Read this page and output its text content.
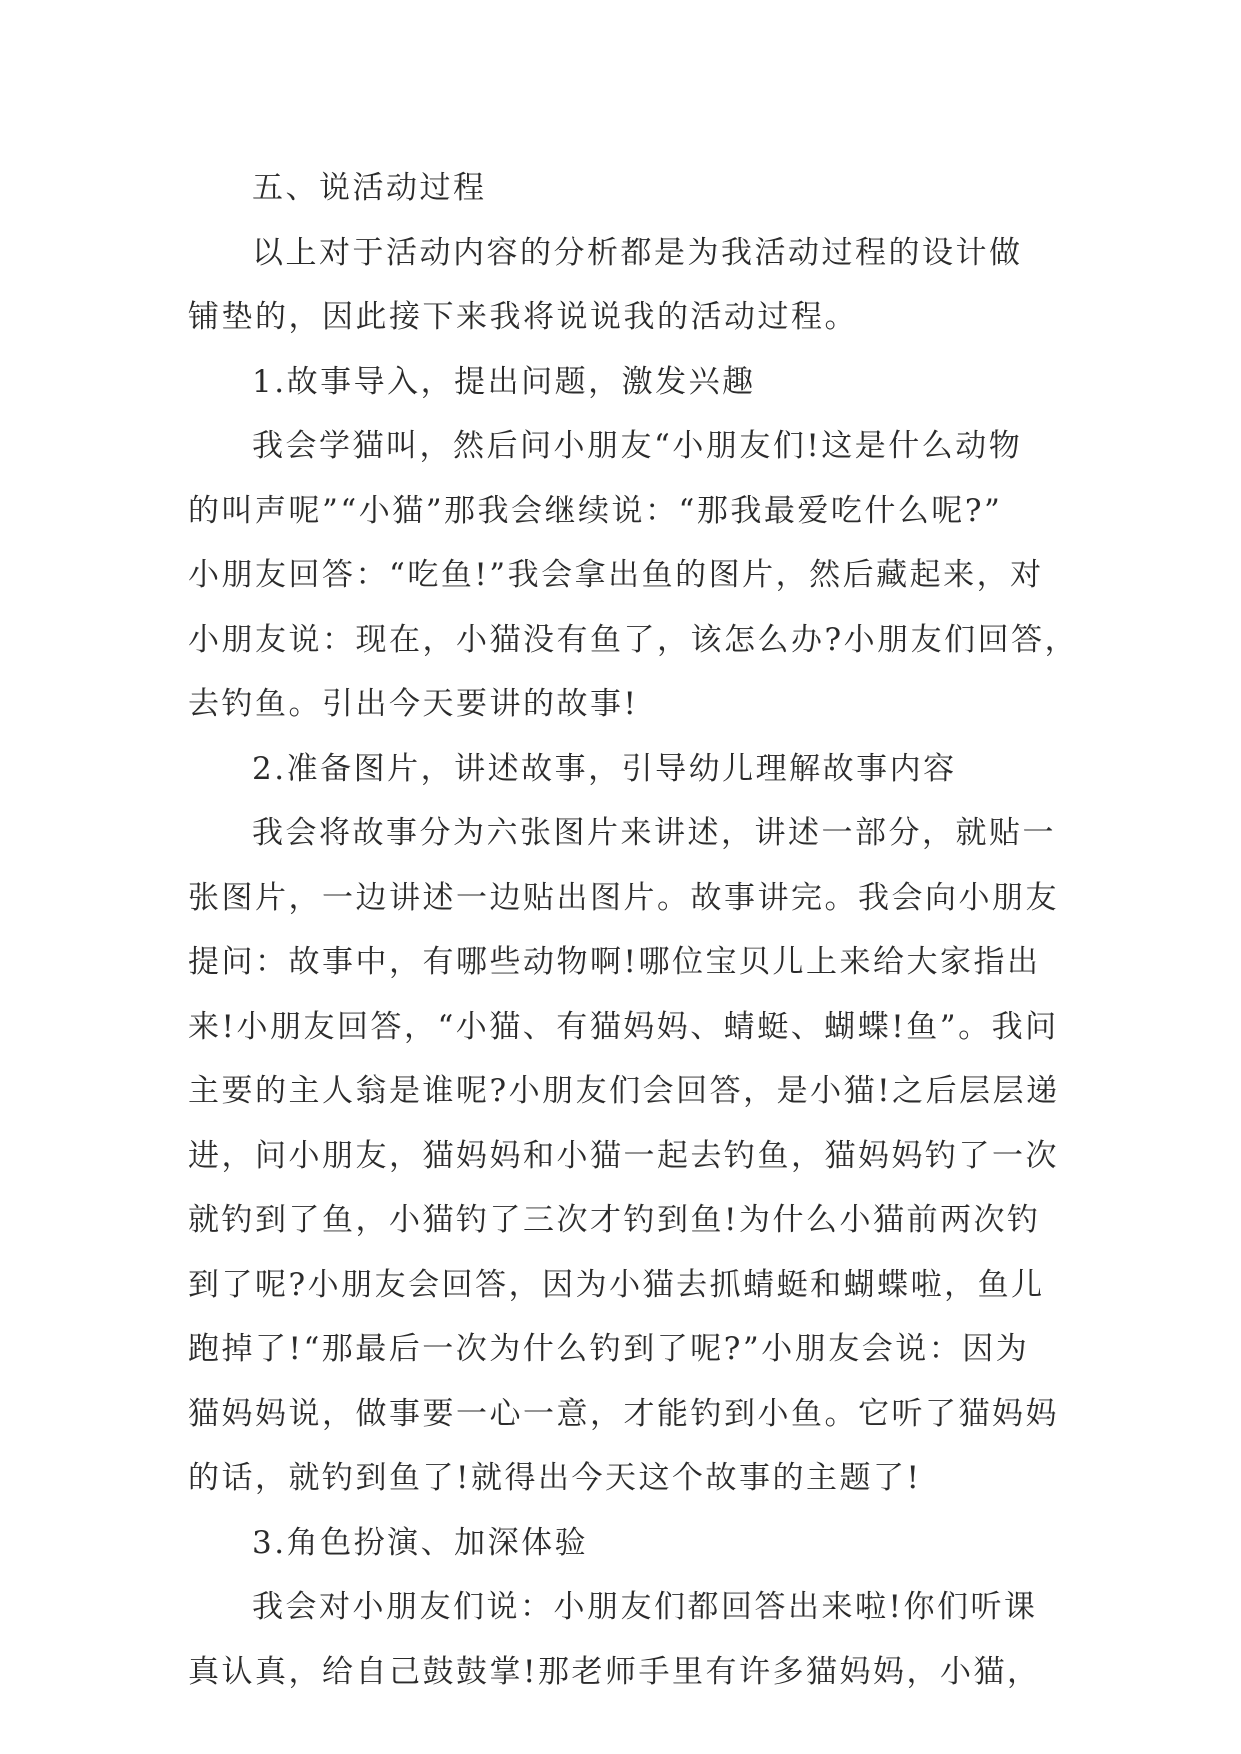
五、说活动过程
以上对于活动内容的分析都是为我活动过程的设计做
铺垫的，因此接下来我将说说我的活动过程。
1.故事导入，提出问题，激发兴趣
我会学猫叫，然后问小朋友“小朋友们!这是什么动物
的叫声呢”“小猫”那我会继续说：“那我最爱吃什么呢?”
小朋友回答：“吃鱼!”我会拿出鱼的图片，然后藏起来，对
小朋友说：现在，小猫没有鱼了，该怎么办?小朋友们回答，
去钓鱼。引出今天要讲的故事!
2.准备图片，讲述故事，引导幼儿理解故事内容
我会将故事分为六张图片来讲述，讲述一部分，就贴一
张图片，一边讲述一边贴出图片。故事讲完。我会向小朋友
提问：故事中，有哪些动物啊!哪位宝贝儿上来给大家指出
来!小朋友回答，“小猫、有猫妈妈、蜻蜓、蝴蝶!鱼”。我问
主要的主人翁是谁呢?小朋友们会回答，是小猫!之后层层递
进，问小朋友，猫妈妈和小猫一起去钓鱼，猫妈妈钓了一次
就钓到了鱼，小猫钓了三次才钓到鱼!为什么小猫前两次钓
到了呢?小朋友会回答，因为小猫去抓蜻蜓和蝴蝶啦，鱼儿
跑掉了!“那最后一次为什么钓到了呢?”小朋友会说：因为
猫妈妈说，做事要一心一意，才能钓到小鱼。它听了猫妈妈
的话，就钓到鱼了!就得出今天这个故事的主题了!
3.角色扮演、加深体验
我会对小朋友们说：小朋友们都回答出来啦!你们听课
真认真，给自己鼓鼓掌!那老师手里有许多猫妈妈，小猫，
